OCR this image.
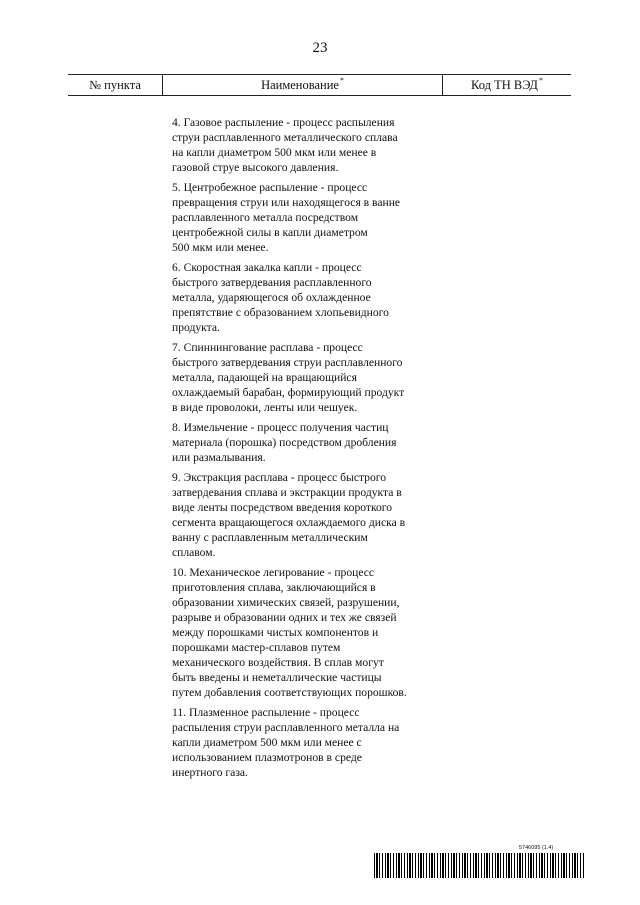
23
№ пункта	Наименование*	Код ТН ВЭД*

4. Газовое распыление - процесс распыления
струи расплавленного металлического сплава
на капли диаметром 500 мкм или менее в
газовой струе высокого давления.

5. Центробежное распыление - процесс
превращения струи или находящегося в ванне
расплавленного металла посредством
центробежной силы в капли диаметром
500 мкм или менее.

6. Скоростная закалка капли - процесс
быстрого затвердевания расплавленного
металла, ударяющегося об охлажденное
препятствие с образованием хлопьевидного
продукта.

7. Спиннингование расплава - процесс
быстрого затвердевания струи расплавленного
металла, падающей на вращающийся
охлаждаемый барабан, формирующий продукт
в виде проволоки, ленты или чешуек.

8. Измельчение - процесс получения частиц
материала (порошка) посредством дробления
или размалывания.

9. Экстракция расплава - процесс быстрого
затвердевания сплава и экстракции продукта в
виде ленты посредством введения короткого
сегмента вращающегося охлаждаемого диска в
ванну с расплавленным металлическим
сплавом.

10. Механическое легирование - процесс
приготовления сплава, заключающийся в
образовании химических связей, разрушении,
разрыве и образовании одних и тех же связей
между порошками чистых компонентов и
порошками мастер-сплавов путем
механического воздействия. В сплав могут
быть введены и неметаллические частицы
путем добавления соответствующих порошков.

11. Плазменное распыление - процесс
распыления струи расплавленного металла на
капли диаметром 500 мкм или менее с
использованием плазмотронов в среде
инертного газа.

5746095 (1.4)
